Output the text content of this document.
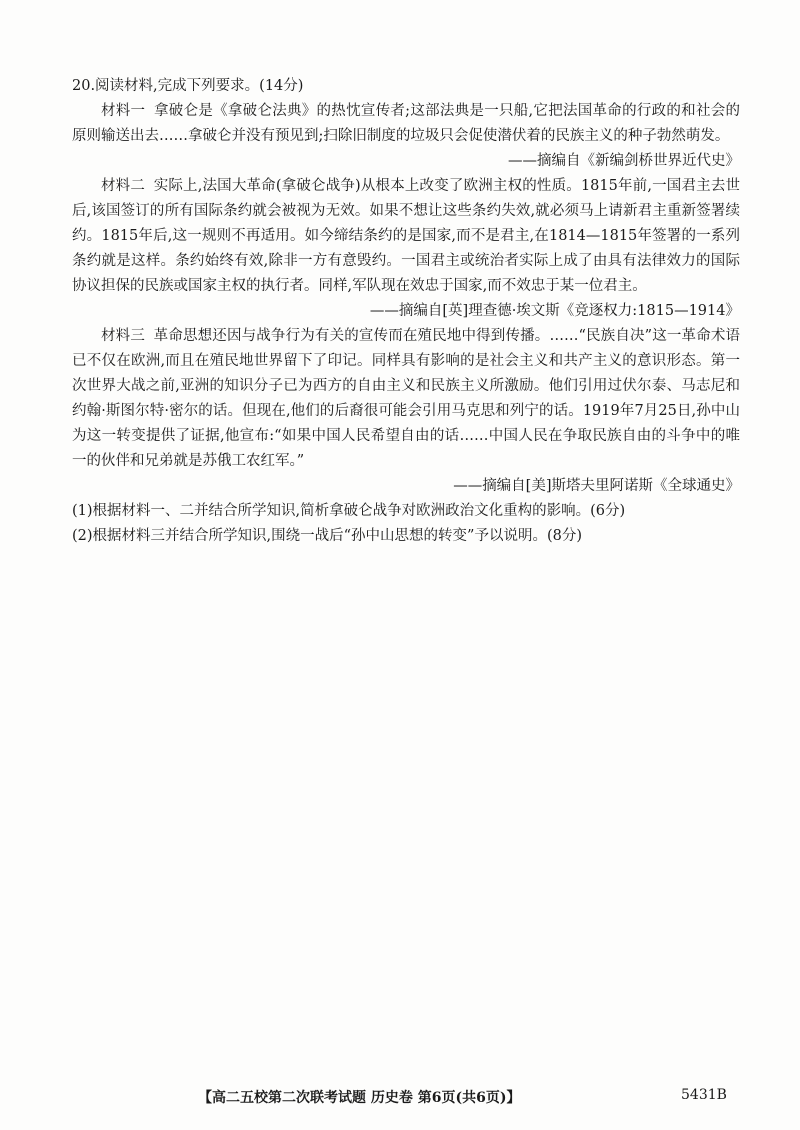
20.阅读材料,完成下列要求。(14分)

材料一 拿破仑是《拿破仑法典》的热忱宣传者;这部法典是一只船,它把法国革命的行政的和社会的原则输送出去……拿破仑并没有预见到;扫除旧制度的垃圾只会促使潜伏着的民族主义的种子勃然萌发。

——摘编自《新编剑桥世界近代史》

材料二 实际上,法国大革命(拿破仑战争)从根本上改变了欧洲主权的性质。1815年前,一国君主去世后,该国签订的所有国际条约就会被视为无效。如果不想让这些条约失效,就必须马上请新君主重新签署续约。1815年后,这一规则不再适用。如今缔结条约的是国家,而不是君主,在1814—1815年签署的一系列条约就是这样。条约始终有效,除非一方有意毁约。一国君主或统治者实际上成了由具有法律效力的国际协议担保的民族或国家主权的执行者。同样,军队现在效忠于国家,而不效忠于某一位君主。

——摘编自[英]理查德·埃文斯《竞逐权力:1815—1914》

材料三 革命思想还因与战争行为有关的宣传而在殖民地中得到传播。……“民族自决”这一革命术语已不仅在欧洲,而且在殖民地世界留下了印记。同样具有影响的是社会主义和共产主义的意识形态。第一次世界大战之前,亚洲的知识分子已为西方的自由主义和民族主义所激励。他们引用过伏尔泰、马志尼和约翰·斯图尔特·密尔的话。但现在,他们的后裔很可能会引用马克思和列宁的话。1919年7月25日,孙中山为这一转变提供了证据,他宣布:“如果中国人民希望自由的话……中国人民在争取民族自由的斗争中的唯一的伙伴和兄弟就是苏俄工农红军。”

——摘编自[美]斯塔夫里阿诺斯《全球通史》

(1)根据材料一、二并结合所学知识,简析拿破仑战争对欧洲政治文化重构的影响。(6分)

(2)根据材料三并结合所学知识,围绕一战后“孙中山思想的转变”予以说明。(8分)

【高二五校第二次联考试题 历史卷 第6页(共6页)】	5431B
